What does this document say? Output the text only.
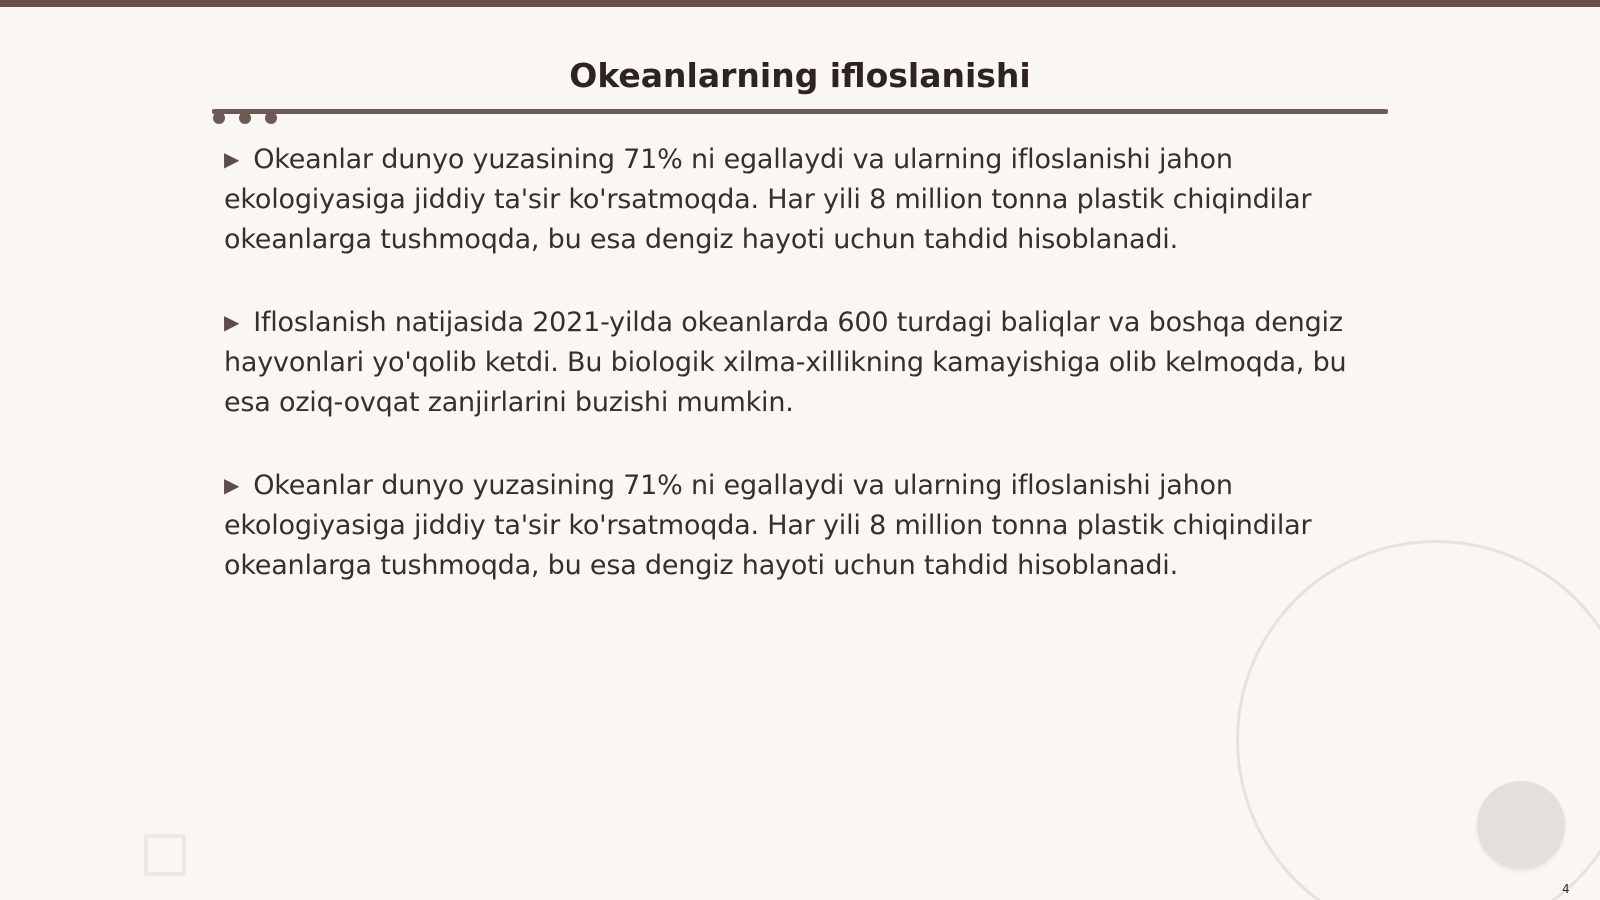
Okeanlarning ifloslanishi

▶ Okeanlar dunyo yuzasining 71% ni egallaydi va ularning ifloslanishi jahon ekologiyasiga jiddiy ta'sir ko'rsatmoqda. Har yili 8 million tonna plastik chiqindilar okeanlarga tushmoqda, bu esa dengiz hayoti uchun tahdid hisoblanadi.

▶ Ifloslanish natijasida 2021-yilda okeanlarda 600 turdagi baliqlar va boshqa dengiz hayvonlari yo'qolib ketdi. Bu biologik xilma-xillikning kamayishiga olib kelmoqda, bu esa oziq-ovqat zanjirlarini buzishi mumkin.

▶ Okeanlar dunyo yuzasining 71% ni egallaydi va ularning ifloslanishi jahon ekologiyasiga jiddiy ta'sir ko'rsatmoqda. Har yili 8 million tonna plastik chiqindilar okeanlarga tushmoqda, bu esa dengiz hayoti uchun tahdid hisoblanadi.

4
